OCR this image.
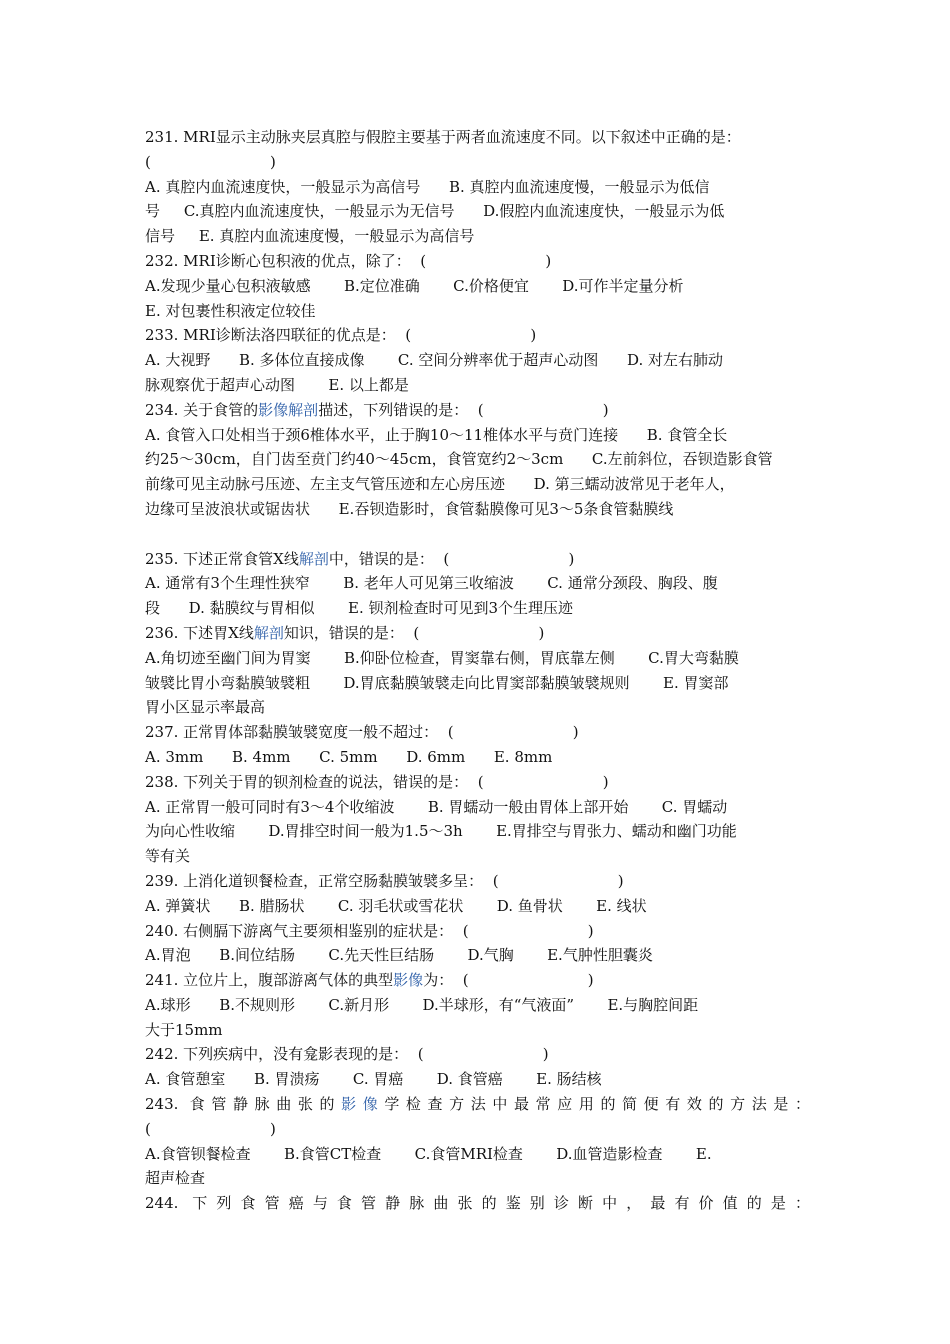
231. MRI显示主动脉夹层真腔与假腔主要基于两者血流速度不同。以下叙述中正确的是：
(                         )
A. 真腔内血流速度快，一般显示为高信号      B. 真腔内血流速度慢，一般显示为低信
号     C.真腔内血流速度快，一般显示为无信号      D.假腔内血流速度快，一般显示为低
信号     E. 真腔内血流速度慢，一般显示为高信号
232. MRI诊断心包积液的优点，除了：  (                         )
A.发现少量心包积液敏感       B.定位准确       C.价格便宜       D.可作半定量分析
E. 对包裹性积液定位较佳
233. MRI诊断法洛四联征的优点是：  (                         )
A. 大视野      B. 多体位直接成像       C. 空间分辨率优于超声心动图      D. 对左右肺动
脉观察优于超声心动图       E. 以上都是
234. 关于食管的影像解剖描述，下列错误的是：  (                         )
A. 食管入口处相当于颈6椎体水平，止于胸10～11椎体水平与贲门连接      B. 食管全长
约25～30cm，自门齿至贲门约40～45cm，食管宽约2～3cm      C.左前斜位，吞钡造影食管
前缘可见主动脉弓压迹、左主支气管压迹和左心房压迹      D. 第三蠕动波常见于老年人，
边缘可呈波浪状或锯齿状      E.吞钡造影时，食管黏膜像可见3～5条食管黏膜线
235. 下述正常食管X线解剖中，错误的是：  (                         )
A. 通常有3个生理性狭窄       B. 老年人可见第三收缩波       C. 通常分颈段、胸段、腹
段      D. 黏膜纹与胃相似       E. 钡剂检查时可见到3个生理压迹
236. 下述胃X线解剖知识，错误的是：  (                         )
A.角切迹至幽门间为胃窦       B.仰卧位检查，胃窦靠右侧，胃底靠左侧       C.胃大弯黏膜
皱襞比胃小弯黏膜皱襞粗       D.胃底黏膜皱襞走向比胃窦部黏膜皱襞规则       E. 胃窦部
胃小区显示率最高
237. 正常胃体部黏膜皱襞宽度一般不超过：  (                         )
A. 3mm      B. 4mm      C. 5mm      D. 6mm      E. 8mm
238. 下列关于胃的钡剂检查的说法，错误的是：  (                         )
A. 正常胃一般可同时有3～4个收缩波       B. 胃蠕动一般由胃体上部开始       C. 胃蠕动
为向心性收缩       D.胃排空时间一般为1.5～3h       E.胃排空与胃张力、蠕动和幽门功能
等有关
239. 上消化道钡餐检查，正常空肠黏膜皱襞多呈：  (                         )
A. 弹簧状      B. 腊肠状       C. 羽毛状或雪花状       D. 鱼骨状       E. 线状
240. 右侧膈下游离气主要须相鉴别的症状是：  (                         )
A.胃泡      B.间位结肠       C.先天性巨结肠       D.气胸       E.气肿性胆囊炎
241. 立位片上，腹部游离气体的典型影像为：  (                         )
A.球形      B.不规则形       C.新月形       D.半球形，有“气液面”       E.与胸腔间距
大于15mm
242. 下列疾病中，没有龛影表现的是：  (                         )
A. 食管憩室      B. 胃溃疡       C. 胃癌       D. 食管癌       E. 肠结核
243. 食管静脉曲张的影像学检查方法中最常应用的简便有效的方法是：
(                         )
A.食管钡餐检查       B.食管CT检查       C.食管MRI检查       D.血管造影检查       E.
超声检查
244. 下列食管癌与食管静脉曲张的鉴别诊断中，最有价值的是：
